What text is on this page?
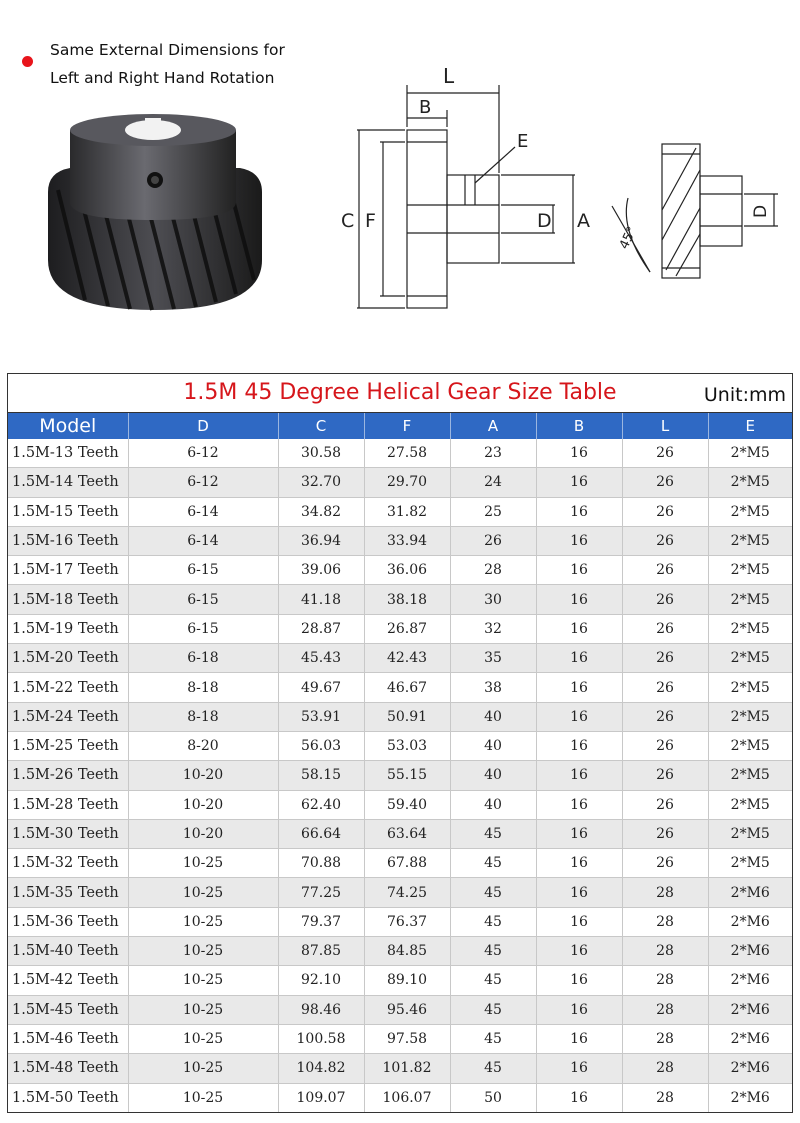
Same External Dimensions for
Left and Right Hand Rotation	L
B
E
C F	D A	D
45°
1.5M 45 Degree Helical Gear Size Table	Unit:mm
Model	D	C	F	A	B	L	E
1.5M-13 Teeth	6-12	30.58	27.58	23	16	26	2*M5
1.5M-14 Teeth	6-12	32.70	29.70	24	16	26	2*M5
1.5M-15 Teeth	6-14	34.82	31.82	25	16	26	2*M5
1.5M-16 Teeth	6-14	36.94	33.94	26	16	26	2*M5
1.5M-17 Teeth	6-15	39.06	36.06	28	16	26	2*M5
1.5M-18 Teeth	6-15	41.18	38.18	30	16	26	2*M5
1.5M-19 Teeth	6-15	28.87	26.87	32	16	26	2*M5
1.5M-20 Teeth	6-18	45.43	42.43	35	16	26	2*M5
1.5M-22 Teeth	8-18	49.67	46.67	38	16	26	2*M5
1.5M-24 Teeth	8-18	53.91	50.91	40	16	26	2*M5
1.5M-25 Teeth	8-20	56.03	53.03	40	16	26	2*M5
1.5M-26 Teeth	10-20	58.15	55.15	40	16	26	2*M5
1.5M-28 Teeth	10-20	62.40	59.40	40	16	26	2*M5
1.5M-30 Teeth	10-20	66.64	63.64	45	16	26	2*M5
1.5M-32 Teeth	10-25	70.88	67.88	45	16	26	2*M5
1.5M-35 Teeth	10-25	77.25	74.25	45	16	28	2*M6
1.5M-36 Teeth	10-25	79.37	76.37	45	16	28	2*M6
1.5M-40 Teeth	10-25	87.85	84.85	45	16	28	2*M6
1.5M-42 Teeth	10-25	92.10	89.10	45	16	28	2*M6
1.5M-45 Teeth	10-25	98.46	95.46	45	16	28	2*M6
1.5M-46 Teeth	10-25	100.58	97.58	45	16	28	2*M6
1.5M-48 Teeth	10-25	104.82	101.82	45	16	28	2*M6
1.5M-50 Teeth	10-25	109.07	106.07	50	16	28	2*M6
